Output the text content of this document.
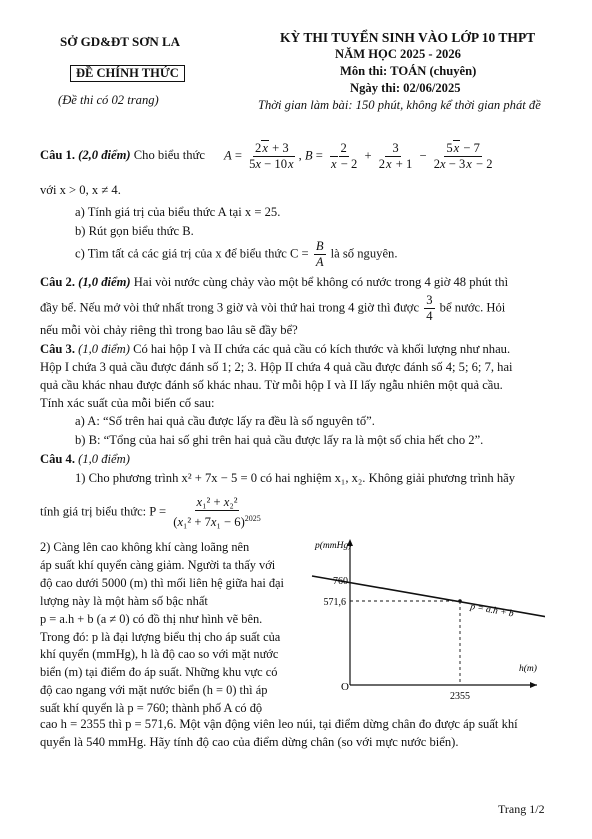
SỞ GD&ĐT SƠN LA
ĐỀ CHÍNH THỨC
(Đề thi có 02 trang)
KỲ THI TUYỂN SINH VÀO LỚP 10 THPT
NĂM HỌC 2025 - 2026
Môn thi: TOÁN (chuyên)
Ngày thi: 02/06/2025
Thời gian làm bài: 150 phút, không kể thời gian phát đề
Câu 1. (2,0 điểm) Cho biểu thức $A = \frac{2x + 3}{5x - 10x}$ , $B = \frac{2}{x - 2} + \frac{3}{2x + 1} - \frac{5x - 7}{2x - 3x - 2}$
với x > 0, x ≠ 4.
a) Tính giá trị của biểu thức A tại x = 25.
b) Rút gọn biểu thức B.
c) Tìm tất cả các giá trị của x để biểu thức $C = \frac{B}{A}$ là số nguyên.
Câu 2. (1,0 điểm) Hai vòi nước cùng chảy vào một bể không có nước trong 4 giờ 48 phút thì
đầy bể. Nếu mở vòi thứ nhất trong 3 giờ và vòi thứ hai trong 4 giờ thì được $\frac{3}{4}$ bể nước. Hỏi
nếu mỗi vòi chảy riêng thì trong bao lâu sẽ đầy bể?
Câu 3. (1,0 điểm) Có hai hộp I và II chứa các quả cầu có kích thước và khối lượng như nhau.
Hộp I chứa 3 quả cầu được đánh số 1; 2; 3. Hộp II chứa 4 quả cầu được đánh số 4; 5; 6; 7, hai
quả cầu khác nhau được đánh số khác nhau. Từ mỗi hộp I và II lấy ngẫu nhiên một quả cầu.
Tính xác suất của mỗi biến cố sau:
a) A: “Số trên hai quả cầu được lấy ra đều là số nguyên tố”.
b) B: “Tổng của hai số ghi trên hai quả cầu được lấy ra là một số chia hết cho 2”.
Câu 4. (1,0 điểm)
1) Cho phương trình x² + 7x − 5 = 0 có hai nghiệm x₁, x₂. Không giải phương trình hãy
tính giá trị biểu thức: $P = \frac{\text{x₁² + x₂²}}{(x_1^2 + 7x_1 - 6)^{2025}}$
2) Càng lên cao không khí càng loãng nên
áp suất khí quyển càng giảm. Người ta thấy với
độ cao dưới 5000 (m) thì mối liên hệ giữa hai đại
lượng này là một hàm số bậc nhất
p = a.h + b (a ≠ 0) có đồ thị như hình vẽ bên.
Trong đó: p là đại lượng biểu thị cho áp suất của
khí quyển (mmHg), h là độ cao so với mặt nước
biển (m) tại điểm đo áp suất. Những khu vực có
độ cao ngang với mặt nước biển (h = 0) thì áp
suất khí quyển là p = 760; thành phố A có độ
cao h = 2355 thì p = 571,6. Một vận động viên leo núi, tại điểm dừng chân đo được áp suất khí
quyển là 540 mmHg. Hãy tính độ cao của điểm dừng chân (so với mực nước biển).
p(mmHg)
h(m)
O
760
571,6
2355
p = a.h + b
Trang 1/2
